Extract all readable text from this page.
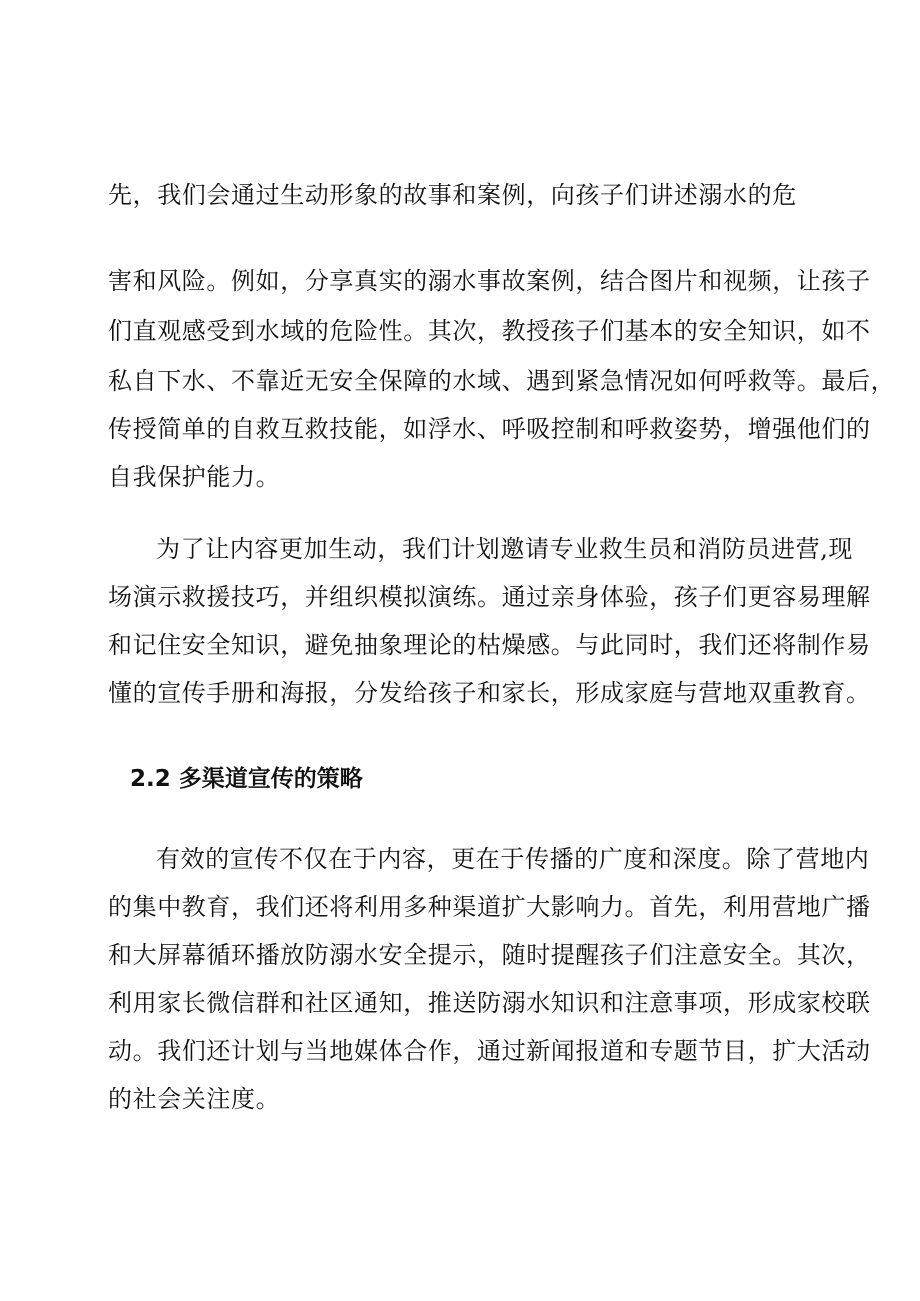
先，我们会通过生动形象的故事和案例，向孩子们讲述溺水的危
害和风险。例如，分享真实的溺水事故案例，结合图片和视频，让孩子
们直观感受到水域的危险性。其次，教授孩子们基本的安全知识，如不
私自下水、不靠近无安全保障的水域、遇到紧急情况如何呼救等。最后，
传授简单的自救互救技能，如浮水、呼吸控制和呼救姿势，增强他们的
自我保护能力。
为了让内容更加生动，我们计划邀请专业救生员和消防员进营,现
场演示救援技巧，并组织模拟演练。通过亲身体验，孩子们更容易理解
和记住安全知识，避免抽象理论的枯燥感。与此同时，我们还将制作易
懂的宣传手册和海报，分发给孩子和家长，形成家庭与营地双重教育。
2.2 多渠道宣传的策略
有效的宣传不仅在于内容，更在于传播的广度和深度。除了营地内
的集中教育，我们还将利用多种渠道扩大影响力。首先，利用营地广播
和大屏幕循环播放防溺水安全提示，随时提醒孩子们注意安全。其次，
利用家长微信群和社区通知，推送防溺水知识和注意事项，形成家校联
动。我们还计划与当地媒体合作，通过新闻报道和专题节目，扩大活动
的社会关注度。
